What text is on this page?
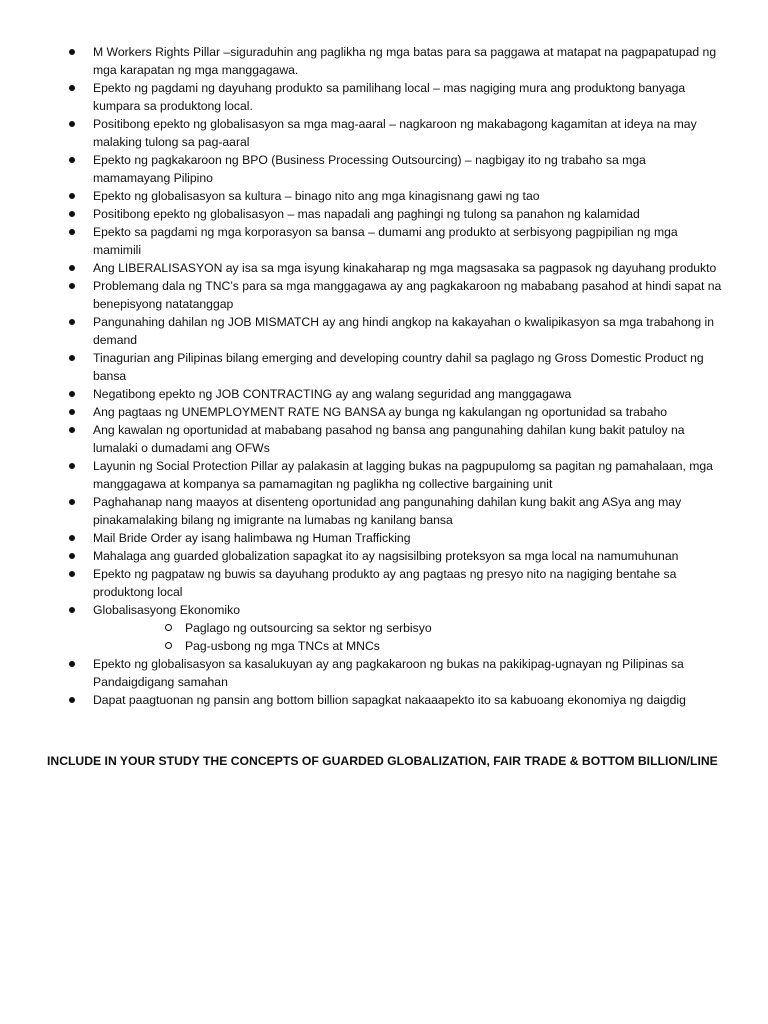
M Workers Rights Pillar –siguraduhin ang paglikha ng mga batas para sa paggawa at matapat na pagpapatupad ng mga karapatan ng mga manggagawa.
Epekto ng pagdami ng dayuhang produkto sa pamilihang local – mas nagiging mura ang produktong banyaga kumpara sa produktong local.
Positibong epekto ng globalisasyon sa mga mag-aaral – nagkaroon ng makabagong kagamitan at ideya na may malaking tulong sa pag-aaral
Epekto ng pagkakaroon ng BPO (Business Processing Outsourcing) – nagbigay ito ng trabaho sa mga mamamayang Pilipino
Epekto ng globalisasyon sa kultura – binago nito ang mga kinagisnang gawi ng tao
Positibong epekto ng globalisasyon – mas napadali ang paghingi ng tulong sa panahon ng kalamidad
Epekto sa pagdami ng mga korporasyon sa bansa – dumami ang produkto at serbisyong pagpipilian ng mga mamimili
Ang LIBERALISASYON ay isa sa mga isyung kinakaharap ng mga magsasaka sa pagpasok ng dayuhang produkto
Problemang dala ng TNC’s para sa mga manggagawa ay ang pagkakaroon ng mababang pasahod at hindi sapat na benepisyong natatanggap
Pangunahing dahilan ng JOB MISMATCH ay ang hindi angkop na kakayahan o kwalipikasyon sa mga trabahong in demand
Tinagurian ang Pilipinas bilang emerging and developing country dahil sa paglago ng Gross Domestic Product ng bansa
Negatibong epekto ng JOB CONTRACTING ay ang walang seguridad ang manggagawa
Ang pagtaas ng UNEMPLOYMENT RATE NG BANSA ay bunga ng kakulangan ng oportunidad sa trabaho
Ang kawalan ng oportunidad at mababang pasahod ng bansa ang pangunahing dahilan kung bakit patuloy na lumalaki o dumadami ang OFWs
Layunin ng Social Protection Pillar ay palakasin at lagging bukas na pagpupulomg sa pagitan ng pamahalaan, mga manggagawa at kompanya sa pamamagitan ng paglikha ng collective bargaining unit
Paghahanap nang maayos at disenteng oportunidad ang pangunahing dahilan kung bakit ang ASya ang may pinakamalaking bilang ng imigrante na lumabas ng kanilang bansa
Mail Bride Order ay isang halimbawa ng Human Trafficking
Mahalaga ang guarded globalization sapagkat ito ay nagsisilbing proteksyon sa mga local na namumuhunan
Epekto ng pagpataw ng buwis sa dayuhang produkto ay ang pagtaas ng presyo nito na nagiging bentahe sa produktong local
Globalisasyong Ekonomiko
Paglago ng outsourcing sa sektor ng serbisyo
Pag-usbong ng mga TNCs at MNCs
Epekto ng globalisasyon sa kasalukuyan ay ang pagkakaroon ng bukas na pakikipag-ugnayan ng Pilipinas sa Pandaigdigang samahan
Dapat paagtuonan ng pansin ang bottom billion sapagkat nakaaapekto ito sa kabuoang ekonomiya ng daigdig

INCLUDE IN YOUR STUDY THE CONCEPTS OF GUARDED GLOBALIZATION, FAIR TRADE & BOTTOM BILLION/LINE
